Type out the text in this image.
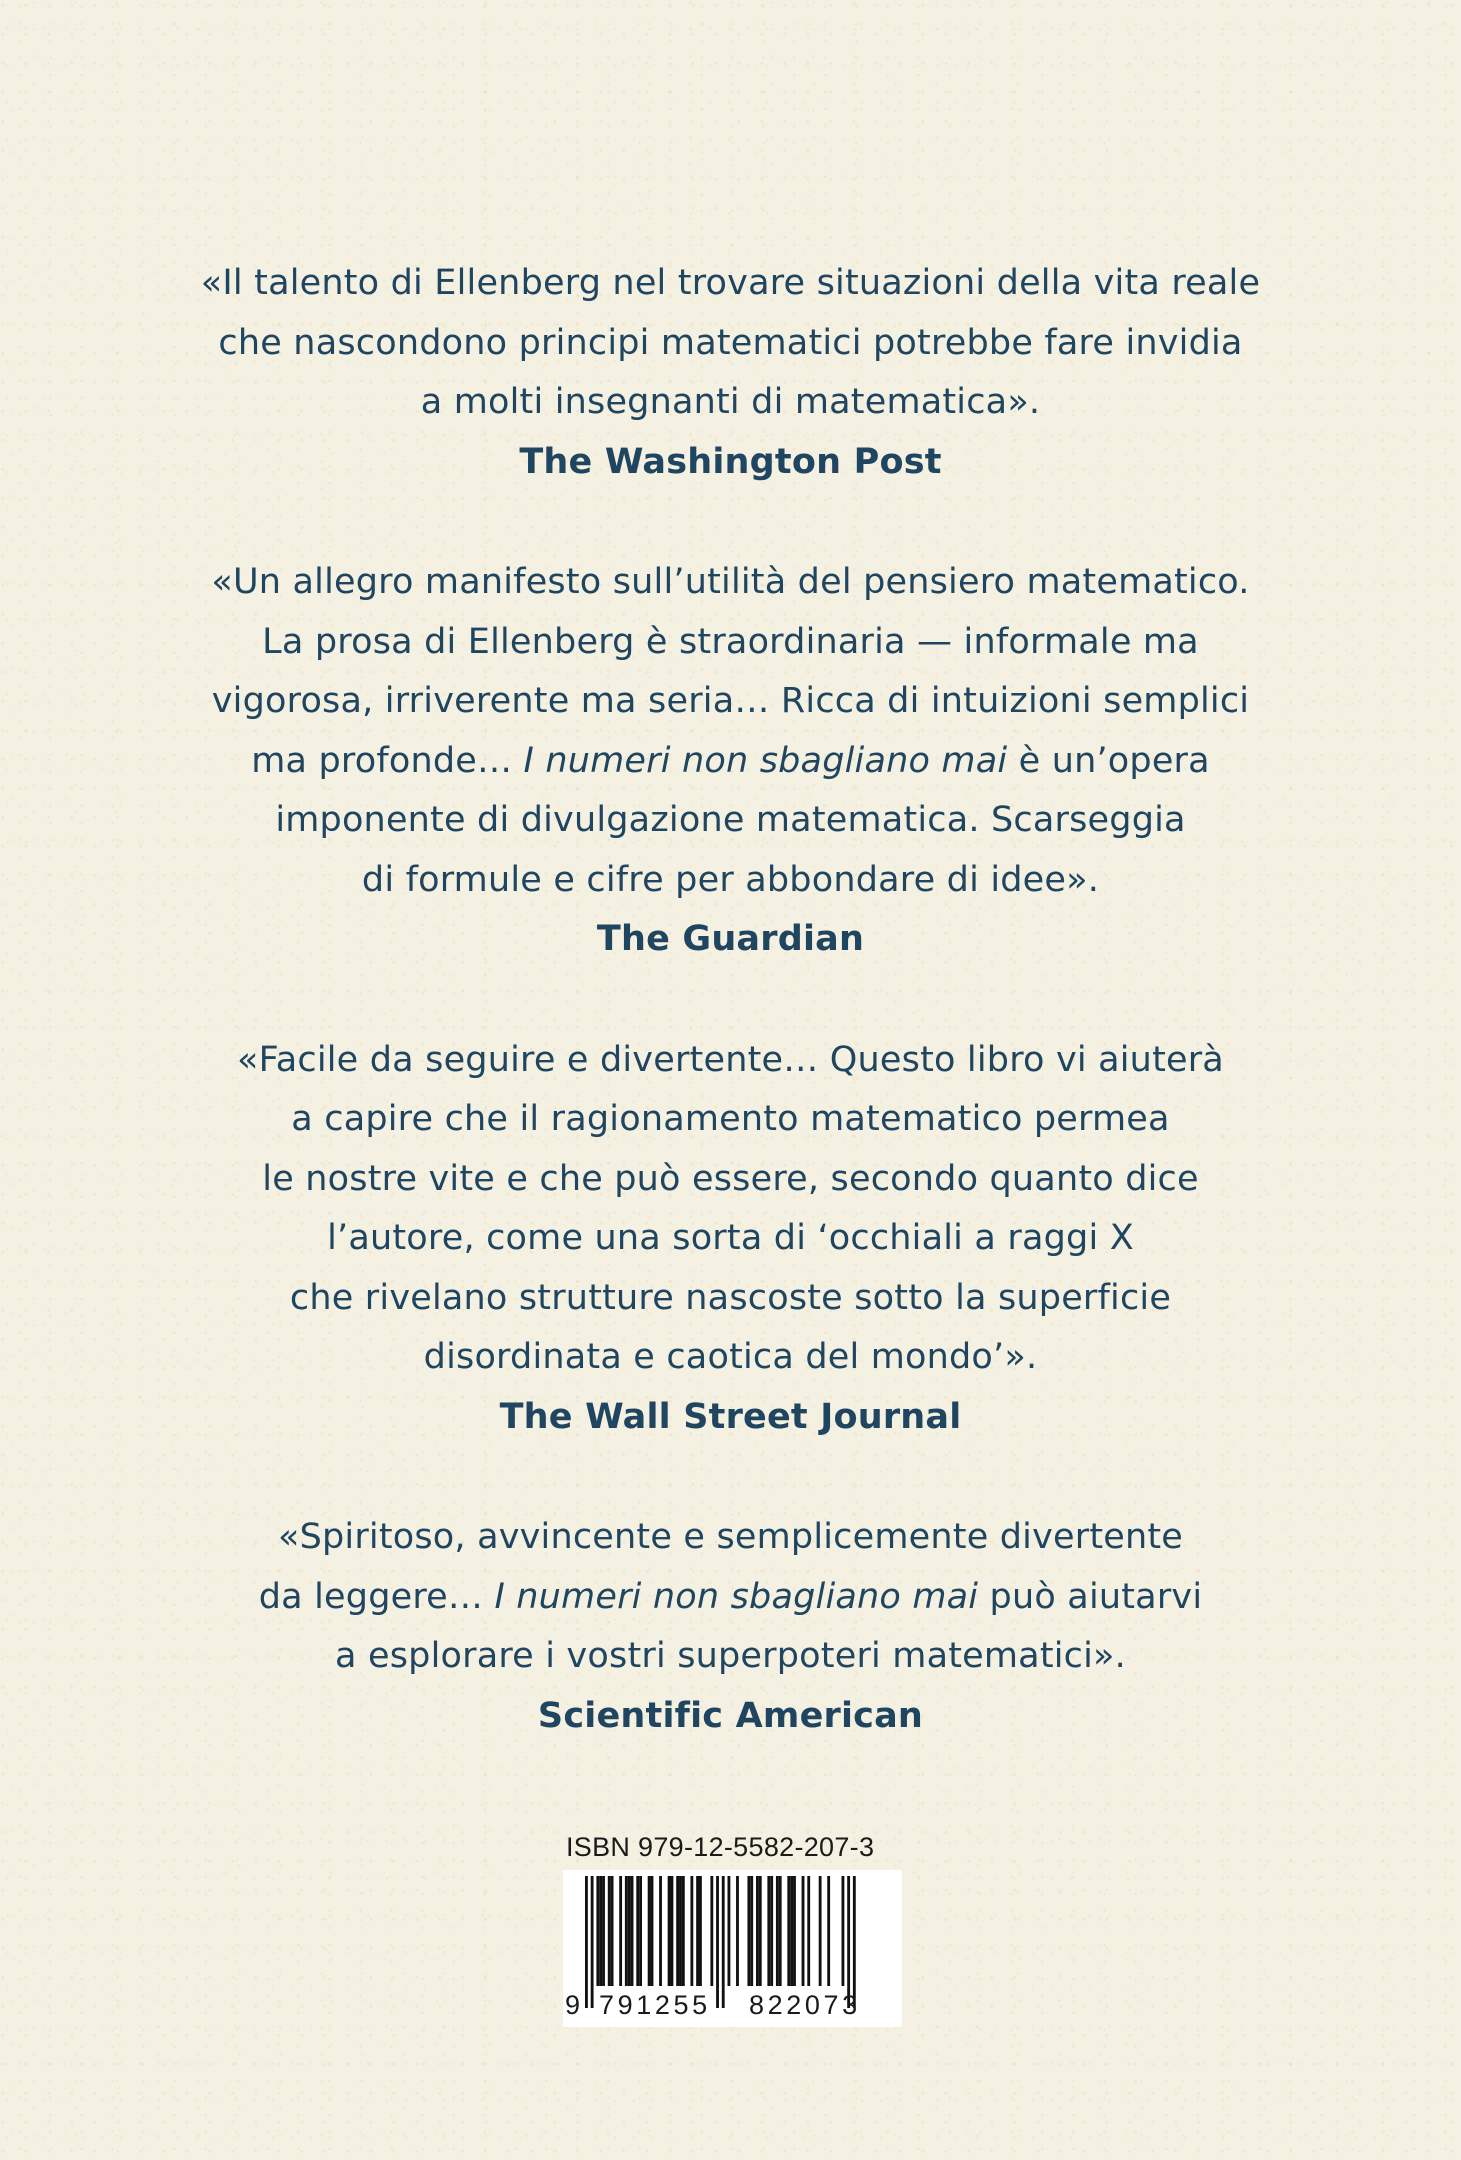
«Il talento di Ellenberg nel trovare situazioni della vita reale

che nascondono principi matematici potrebbe fare invidia

a molti insegnanti di matematica».

The Washington Post

«Un allegro manifesto sull’utilità del pensiero matematico.

La prosa di Ellenberg è straordinaria — informale ma

vigorosa, irriverente ma seria… Ricca di intuizioni semplici

ma profonde… I numeri non sbagliano mai è un’opera

imponente di divulgazione matematica. Scarseggia

di formule e cifre per abbondare di idee».

The Guardian

«Facile da seguire e divertente… Questo libro vi aiuterà

a capire che il ragionamento matematico permea

le nostre vite e che può essere, secondo quanto dice

l’autore, come una sorta di ‘occhiali a raggi X

che rivelano strutture nascoste sotto la superficie

disordinata e caotica del mondo’».

The Wall Street Journal

«Spiritoso, avvincente e semplicemente divertente

da leggere… I numeri non sbagliano mai può aiutarvi

a esplorare i vostri superpoteri matematici».

Scientific American

ISBN 979-12-5582-207-3

9 791255 822073
